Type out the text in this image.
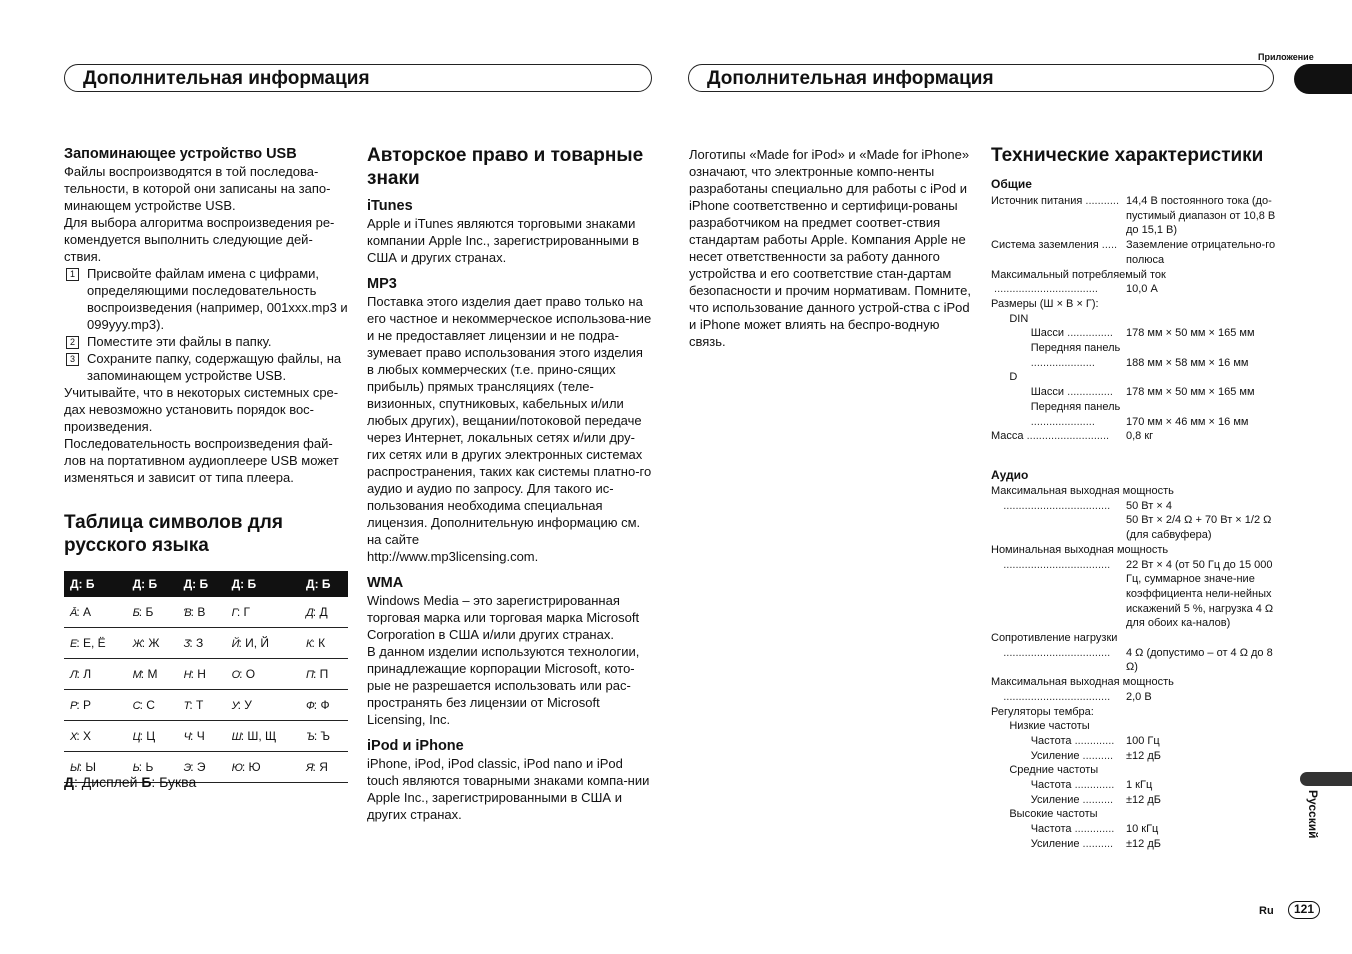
Приложение
Дополнительная информация	Дополнительная информация

Запоминающее устройство USB

Файлы воспроизводятся в той последова-тельности, в которой они записаны на запо-минающем устройстве USB.

Для выбора алгоритма воспроизведения ре-комендуется выполнить следующие дей-ствия.

1 Присвойте файлам имена с цифрами, определяющими последовательность воспроизведения (например, 001xxx.mp3 и 099yyy.mp3).
2 Поместите эти файлы в папку.
3 Сохраните папку, содержащую файлы, на запоминающем устройстве USB.

Учитывайте, что в некоторых системных сре-дах невозможно установить порядок вос-произведения.

Последовательность воспроизведения фай-лов на портативном аудиоплеере USB может изменяться и зависит от типа плеера.

Таблица символов для русского языка
Д: Б	Д: Б	Д: Б	Д: Б	Д: Б
Ᾱ: А	Б: Б	Ɓ: В	Γ: Г	Д: Д
Ε: Е, Ё	Ж: Ж	Ӡ: З	Й: И, Й	К: К
Л: Л	М: М	Н: Н	О: О	П: П
Ρ: Р	С: С	Т: Т	У: У	Ф: Ф
Х: Х	Ц: Ц	Ч: Ч	Ш: Ш, Щ	Ъ: Ъ
Ы: Ы	Ь: Ь	Э: Э	Ю: Ю	Я: Я
Д: Дисплей Б: Буква
Авторское право и товарные знаки

iTunes

Apple и iTunes являются торговыми знаками компании Apple Inc., зарегистрированными в США и других странах.

MP3

Поставка этого изделия дает право только на его частное и некоммерческое использова-ние и не предоставляет лицензии и не подра-зумевает право использования этого изделия в любых коммерческих (т.е. прино-сящих прибыль) прямых трансляциях (теле-визионных, спутниковых, кабельных и/или любых других), вещании/потоковой передаче через Интернет, локальных сетях и/или дру-гих сетях или в других электронных системах распространения, таких как системы платно-го аудио и аудио по запросу. Для такого ис-пользования необходима специальная лицензия. Дополнительную информацию см. на сайте

http://www.mp3licensing.com.

WMA

Windows Media – это зарегистрированная торговая марка или торговая марка Microsoft Corporation в США и/или других странах.

В данном изделии используются технологии, принадлежащие корпорации Microsoft, кото-рые не разрешается использовать или рас-пространять без лицензии от Microsoft Licensing, Inc.

iPod и iPhone

iPhone, iPod, iPod classic, iPod nano и iPod touch являются товарными знаками компа-нии Apple Inc., зарегистрированными в США и других странах.

Логотипы «Made for iPod» и «Made for iPhone» означают, что электронные компо-ненты разработаны специально для работы с iPod и iPhone соответственно и сертифици-рованы разработчиком на предмет соответ-ствия стандартам работы Apple. Компания Apple не несет ответственности за работу данного устройства и его соответствие стан-дартам безопасности и прочим нормативам. Помните, что использование данного устрой-ства с iPod и iPhone может влиять на беспро-водную связь.

Технические характеристики
Общие
Источник питания ........... 14,4 В постоянного тока (до-пустимый диапазон от 10,8 В до 15,1 В)
Система заземления ..... Заземление отрицательно-го полюса
Максимальный потребляемый ток
..................................	10,0 А
Размеры (Ш × В × Г):
DIN
Шасси ...............	178 мм × 50 мм × 165 мм
Передняя панель
.....................	188 мм × 58 мм × 16 мм
D
Шасси ...............	178 мм × 50 мм × 165 мм
Передняя панель
.....................	170 мм × 46 мм × 16 мм
Масса ...........................	0,8 кг
Аудио
Максимальная выходная мощность
...................................	50 Вт × 4
50 Вт × 2/4 Ω + 70 Вт × 1/2 Ω (для сабвуфера)
Номинальная выходная мощность
...................................	22 Вт × 4 (от 50 Гц до 15 000 Гц, суммарное значе-ние коэффициента нели-нейных искажений 5 %, нагрузка 4 Ω для обоих ка-налов)
Сопротивление нагрузки
...................................	4 Ω (допустимо – от 4 Ω до 8 Ω)
Максимальная выходная мощность
...................................	2,0 В
Регуляторы тембра:
Низкие частоты
Частота .............	100 Гц
Усиление ..........	±12 дБ
Средние частоты
Частота .............	1 кГц
Усиление ..........	±12 дБ
Высокие частоты
Частота .............	10 кГц
Усиление ..........	±12 дБ
Русский
Ru	121
